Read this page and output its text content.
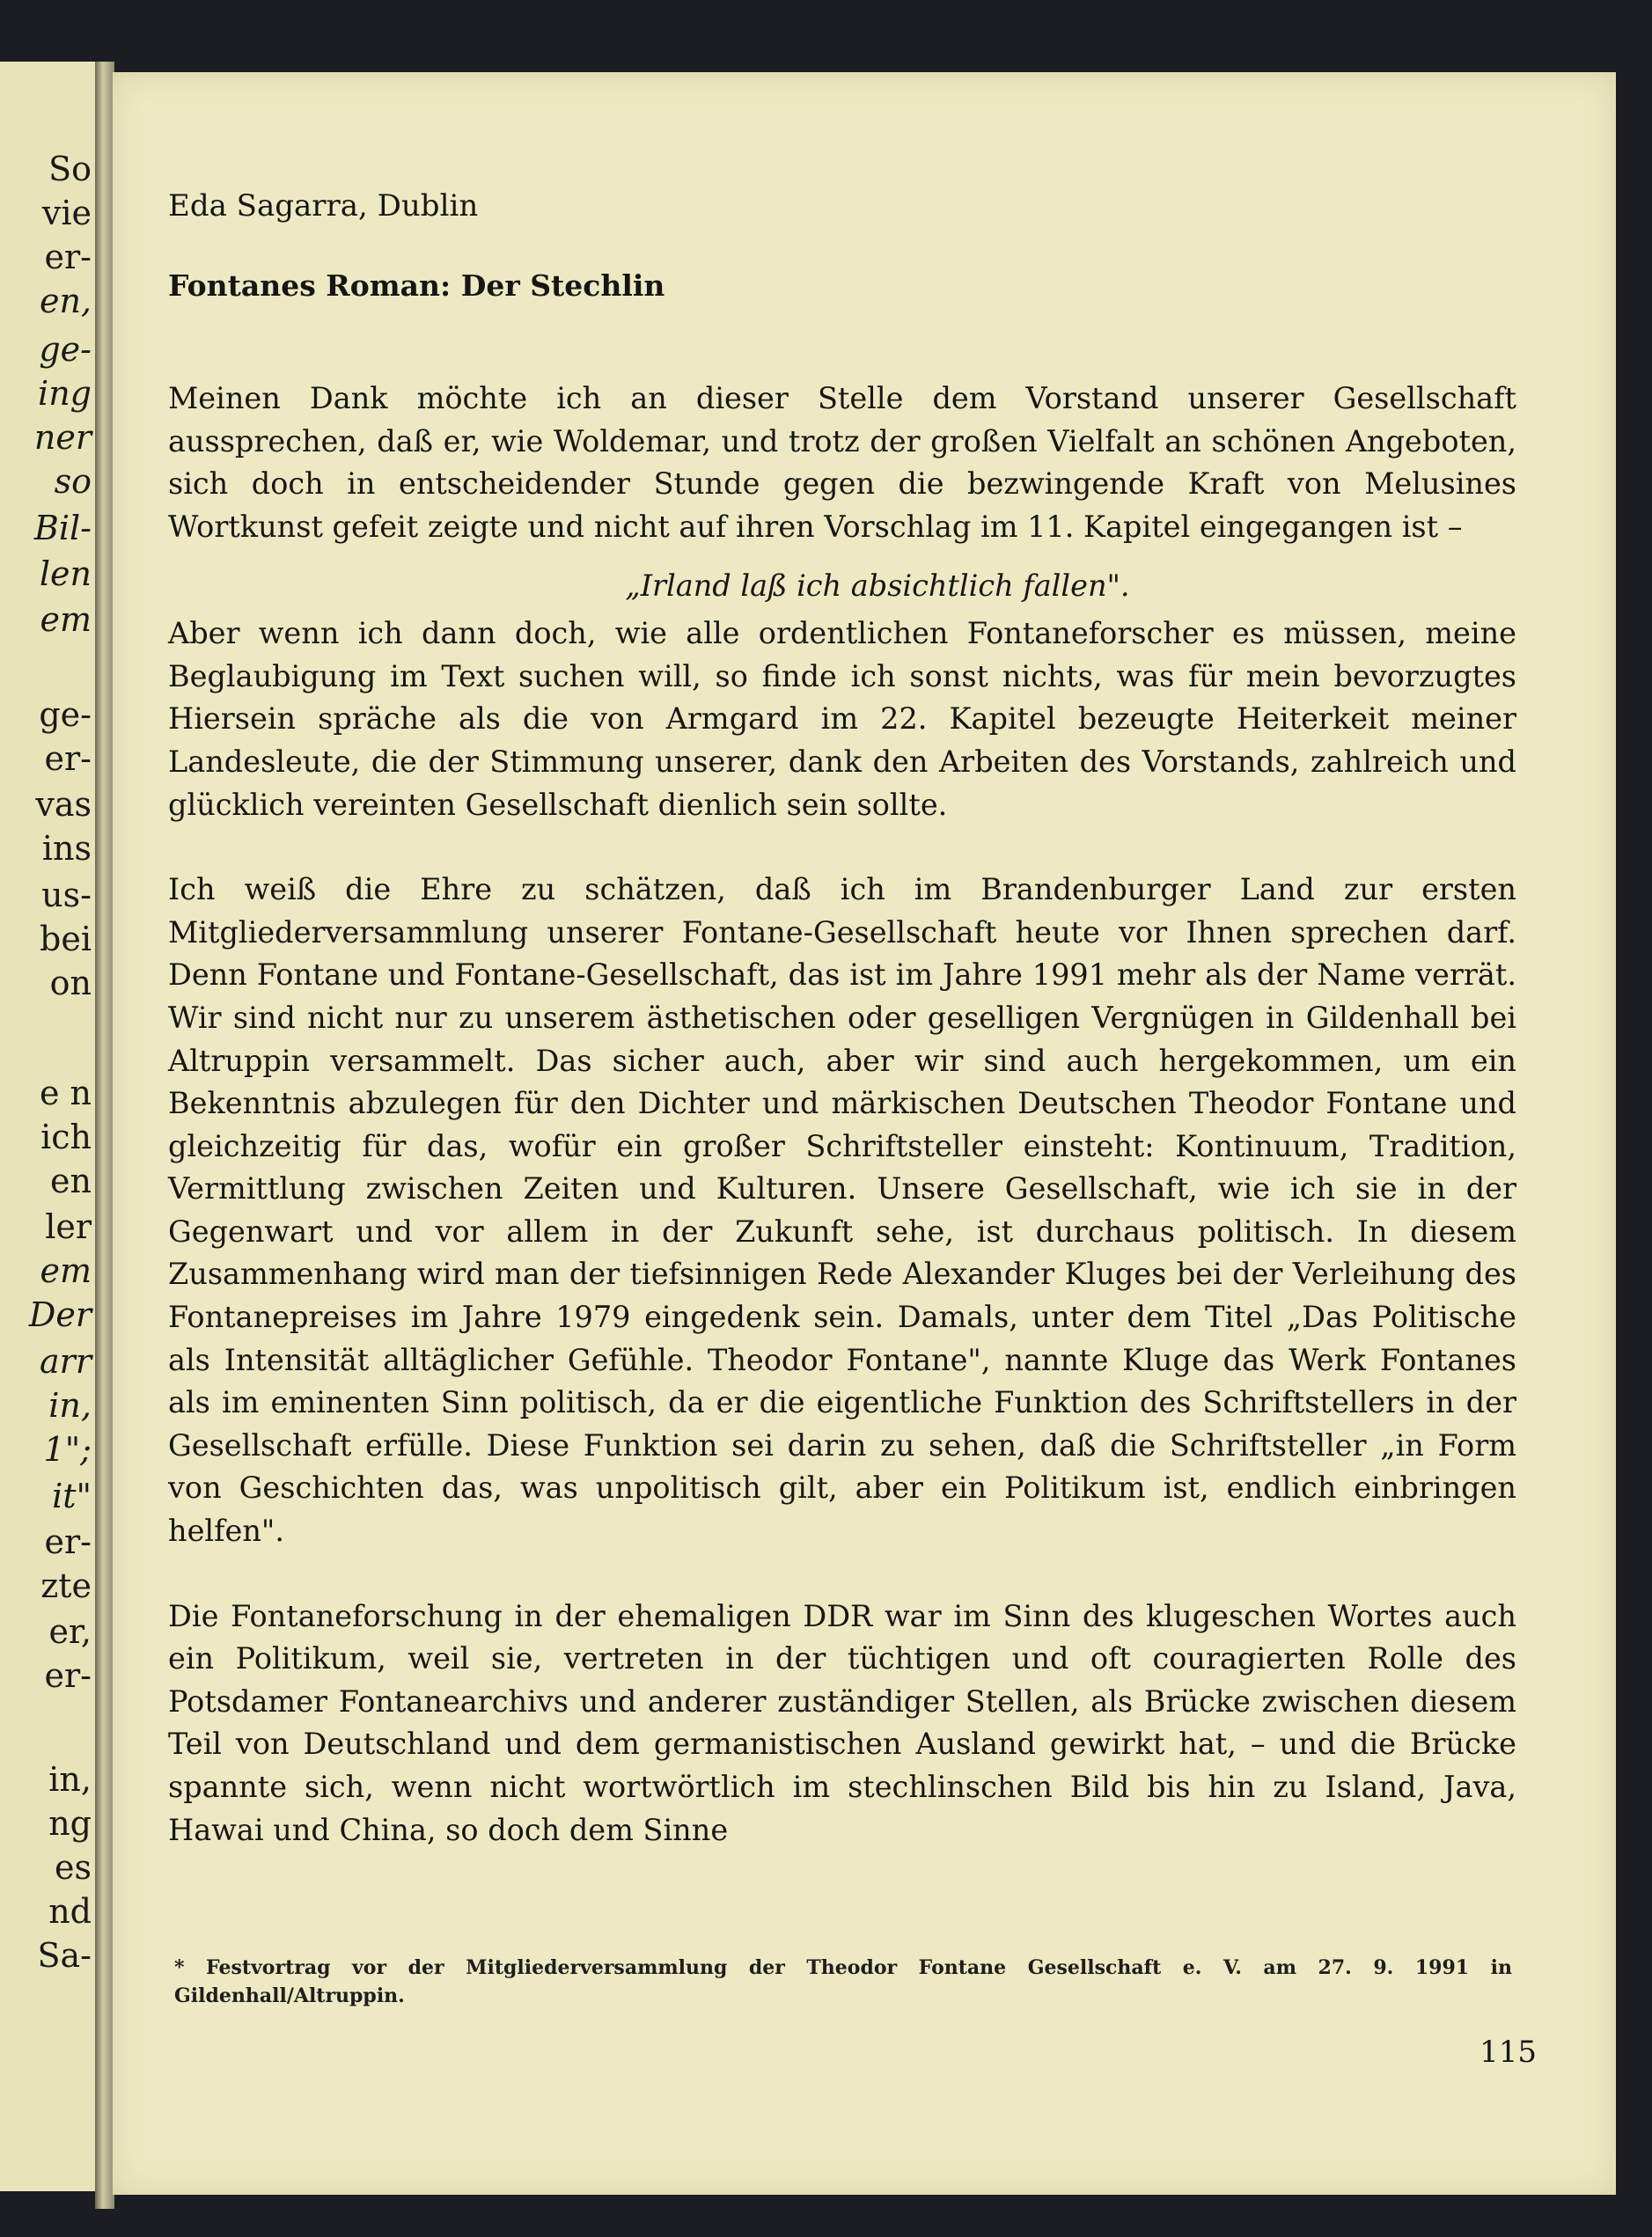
So
vie
er-
en,
ge-
ing
ner
so
Bil-
len
em
ge-
er-
vas
ins
us-
bei
on
e n
ich
en
ler
em
Der
arr
in,
1";
it"
er-
zte
er,
er-
in,
ng
es
nd
Sa-

Eda Sagarra, Dublin

Fontanes Roman: Der Stechlin

Meinen Dank möchte ich an dieser Stelle dem Vorstand unserer Gesellschaft aussprechen, daß er, wie Woldemar, und trotz der großen Vielfalt an schönen Angeboten, sich doch in entscheidender Stunde gegen die bezwingende Kraft von Melusines Wortkunst gefeit zeigte und nicht auf ihren Vorschlag im 11. Kapitel eingegangen ist –

„Irland laß ich absichtlich fallen".

Aber wenn ich dann doch, wie alle ordentlichen Fontaneforscher es müssen, meine Beglaubigung im Text suchen will, so finde ich sonst nichts, was für mein bevorzugtes Hiersein spräche als die von Armgard im 22. Kapitel bezeugte Heiterkeit meiner Landesleute, die der Stimmung unserer, dank den Arbeiten des Vorstands, zahlreich und glücklich vereinten Gesellschaft dienlich sein sollte.

Ich weiß die Ehre zu schätzen, daß ich im Brandenburger Land zur ersten Mitgliederversammlung unserer Fontane-Gesellschaft heute vor Ihnen sprechen darf. Denn Fontane und Fontane-Gesellschaft, das ist im Jahre 1991 mehr als der Name verrät. Wir sind nicht nur zu unserem ästhetischen oder geselligen Vergnügen in Gildenhall bei Altruppin versammelt. Das sicher auch, aber wir sind auch hergekommen, um ein Bekenntnis abzulegen für den Dichter und märkischen Deutschen Theodor Fontane und gleichzeitig für das, wofür ein großer Schriftsteller einsteht: Kontinuum, Tradition, Vermittlung zwischen Zeiten und Kulturen. Unsere Gesellschaft, wie ich sie in der Gegenwart und vor allem in der Zukunft sehe, ist durchaus politisch. In diesem Zusammenhang wird man der tiefsinnigen Rede Alexander Kluges bei der Verleihung des Fontanepreises im Jahre 1979 eingedenk sein. Damals, unter dem Titel „Das Politische als Intensität alltäglicher Gefühle. Theodor Fontane", nannte Kluge das Werk Fontanes als im eminenten Sinn politisch, da er die eigentliche Funktion des Schriftstellers in der Gesellschaft erfülle. Diese Funktion sei darin zu sehen, daß die Schriftsteller „in Form von Geschichten das, was unpolitisch gilt, aber ein Politikum ist, endlich einbringen helfen".

Die Fontaneforschung in der ehemaligen DDR war im Sinn des klugeschen Wortes auch ein Politikum, weil sie, vertreten in der tüchtigen und oft couragierten Rolle des Potsdamer Fontanearchivs und anderer zuständiger Stellen, als Brücke zwischen diesem Teil von Deutschland und dem germanistischen Ausland gewirkt hat, – und die Brücke spannte sich, wenn nicht wortwörtlich im stechlinschen Bild bis hin zu Island, Java, Hawai und China, so doch dem Sinne

* Festvortrag vor der Mitgliederversammlung der Theodor Fontane Gesellschaft e. V. am 27. 9. 1991 in Gildenhall/Altruppin.

115
